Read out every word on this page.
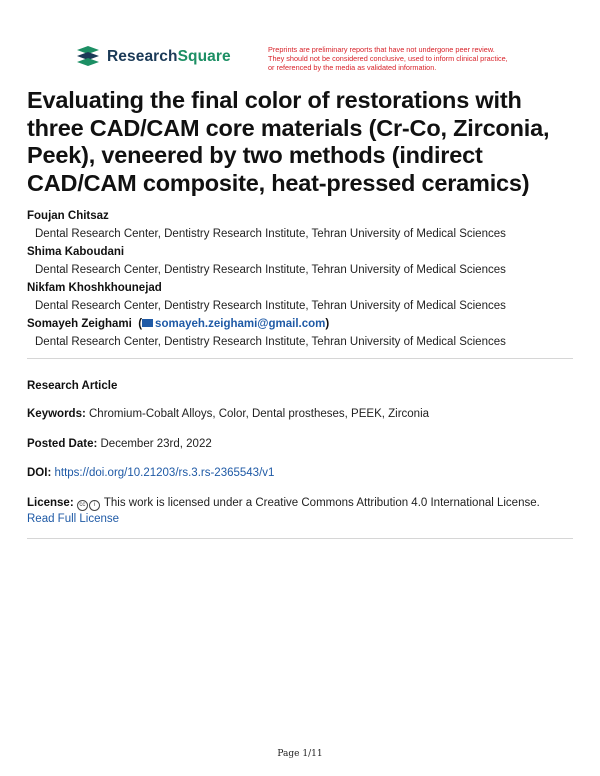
ResearchSquare	Preprints are preliminary reports that have not undergone peer review.
They should not be considered conclusive, used to inform clinical practice,
or referenced by the media as validated information.
Evaluating the final color of restorations with three CAD/CAM core materials (Cr-Co, Zirconia, Peek), veneered by two methods (indirect CAD/CAM composite, heat-pressed ceramics)
Foujan Chitsaz
Dental Research Center, Dentistry Research Institute, Tehran University of Medical Sciences
Shima Kaboudani
Dental Research Center, Dentistry Research Institute, Tehran University of Medical Sciences
Nikfam Khoshkhounejad
Dental Research Center, Dentistry Research Institute, Tehran University of Medical Sciences
Somayeh Zeighami  ( somayeh.zeighami@gmail.com)
Dental Research Center, Dentistry Research Institute, Tehran University of Medical Sciences
Research Article
Keywords: Chromium-Cobalt Alloys, Color, Dental prostheses, PEEK, Zirconia
Posted Date: December 23rd, 2022
DOI: https://doi.org/10.21203/rs.3.rs-2365543/v1
License: cc i This work is licensed under a Creative Commons Attribution 4.0 International License.
Read Full License
Page 1/11
